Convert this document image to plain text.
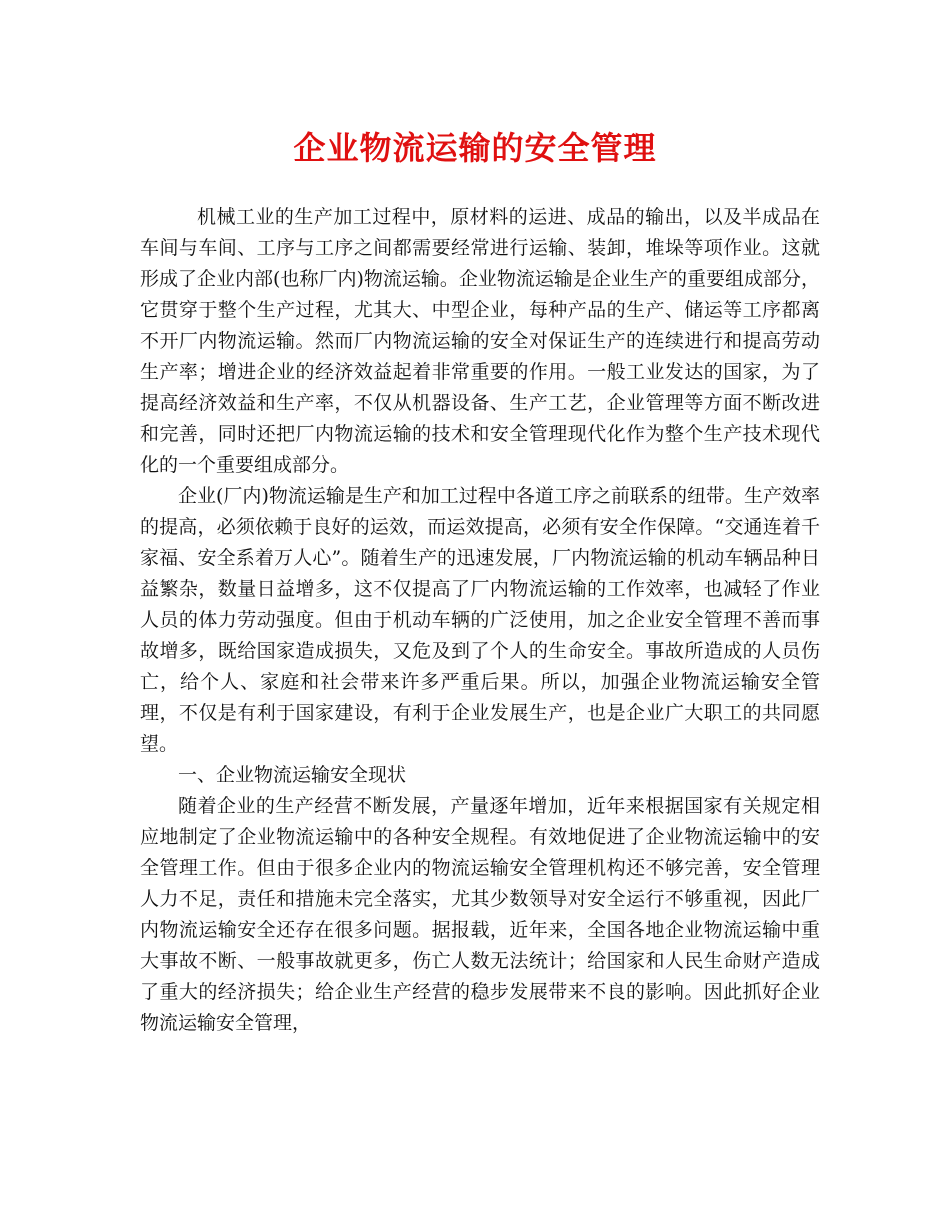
企业物流运输的安全管理

机械工业的生产加工过程中，原材料的运进、成品的输出，以及半成品在车间与车间、工序与工序之间都需要经常进行运输、装卸，堆垛等项作业。这就形成了企业内部(也称厂内)物流运输。企业物流运输是企业生产的重要组成部分，它贯穿于整个生产过程，尤其大、中型企业，每种产品的生产、储运等工序都离不开厂内物流运输。然而厂内物流运输的安全对保证生产的连续进行和提高劳动生产率；增进企业的经济效益起着非常重要的作用。一般工业发达的国家，为了提高经济效益和生产率，不仅从机器设备、生产工艺，企业管理等方面不断改进和完善，同时还把厂内物流运输的技术和安全管理现代化作为整个生产技术现代化的一个重要组成部分。

企业(厂内)物流运输是生产和加工过程中各道工序之前联系的纽带。生产效率的提高，必须依赖于良好的运效，而运效提高，必须有安全作保障。“交通连着千家福、安全系着万人心”。随着生产的迅速发展，厂内物流运输的机动车辆品种日益繁杂，数量日益增多，这不仅提高了厂内物流运输的工作效率，也减轻了作业人员的体力劳动强度。但由于机动车辆的广泛使用，加之企业安全管理不善而事故增多，既给国家造成损失，又危及到了个人的生命安全。事故所造成的人员伤亡，给个人、家庭和社会带来许多严重后果。所以，加强企业物流运输安全管理，不仅是有利于国家建设，有利于企业发展生产，也是企业广大职工的共同愿望。

一、企业物流运输安全现状

随着企业的生产经营不断发展，产量逐年增加，近年来根据国家有关规定相应地制定了企业物流运输中的各种安全规程。有效地促进了企业物流运输中的安全管理工作。但由于很多企业内的物流运输安全管理机构还不够完善，安全管理人力不足，责任和措施未完全落实，尤其少数领导对安全运行不够重视，因此厂内物流运输安全还存在很多问题。据报载，近年来，全国各地企业物流运输中重大事故不断、一般事故就更多，伤亡人数无法统计；给国家和人民生命财产造成了重大的经济损失；给企业生产经营的稳步发展带来不良的影响。因此抓好企业物流运输安全管理，
